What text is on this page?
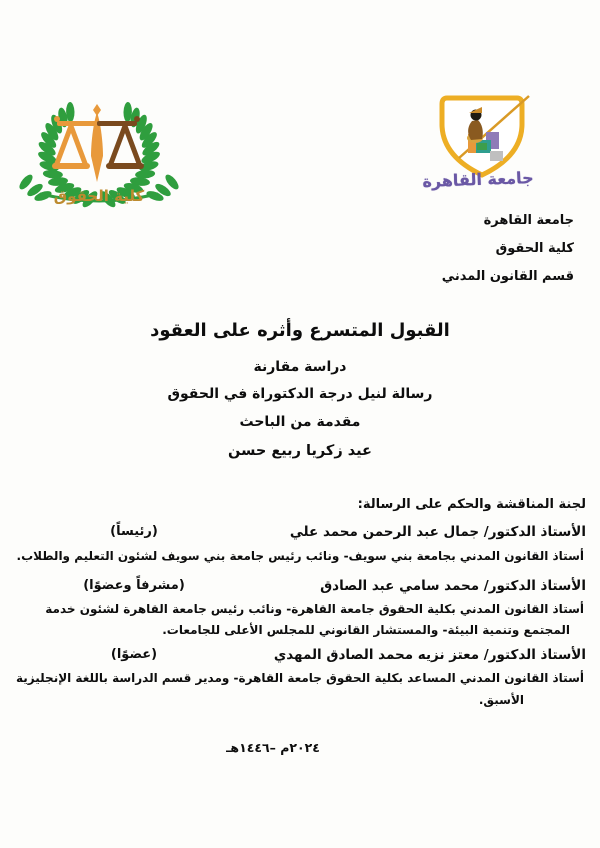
كلية الحقوق
جامعة القاهرة
جامعة القاهرة
كلية الحقوق
قسم القانون المدني
القبول المتسرع وأثره على العقود
دراسة مقارنة
رسالة لنيل درجة الدكتوراة في الحقوق
مقدمة من الباحث
عيد زكريا ربيع حسن
لجنة المناقشة والحكم على الرسالة:
الأستاذ الدكتور/ جمال عبد الرحمن محمد علي
(رئيساً)
أستاذ القانون المدني بجامعة بني سويف- ونائب رئيس جامعة بني سويف لشئون التعليم والطلاب.
الأستاذ الدكتور/ محمد سامي عبد الصادق
(مشرفاً وعضوًا)
أستاذ القانون المدني بكلية الحقوق جامعة القاهرة- ونائب رئيس جامعة القاهرة لشئون خدمة
المجتمع وتنمية البيئة- والمستشار القانوني للمجلس الأعلى للجامعات.
الأستاذ الدكتور/ معتز نزيه محمد الصادق المهدي
(عضوًا)
أستاذ القانون المدني المساعد بكلية الحقوق جامعة القاهرة- ومدير قسم الدراسة باللغة الإنجليزية
الأسبق.
٢٠٢٤م –١٤٤٦هـ
